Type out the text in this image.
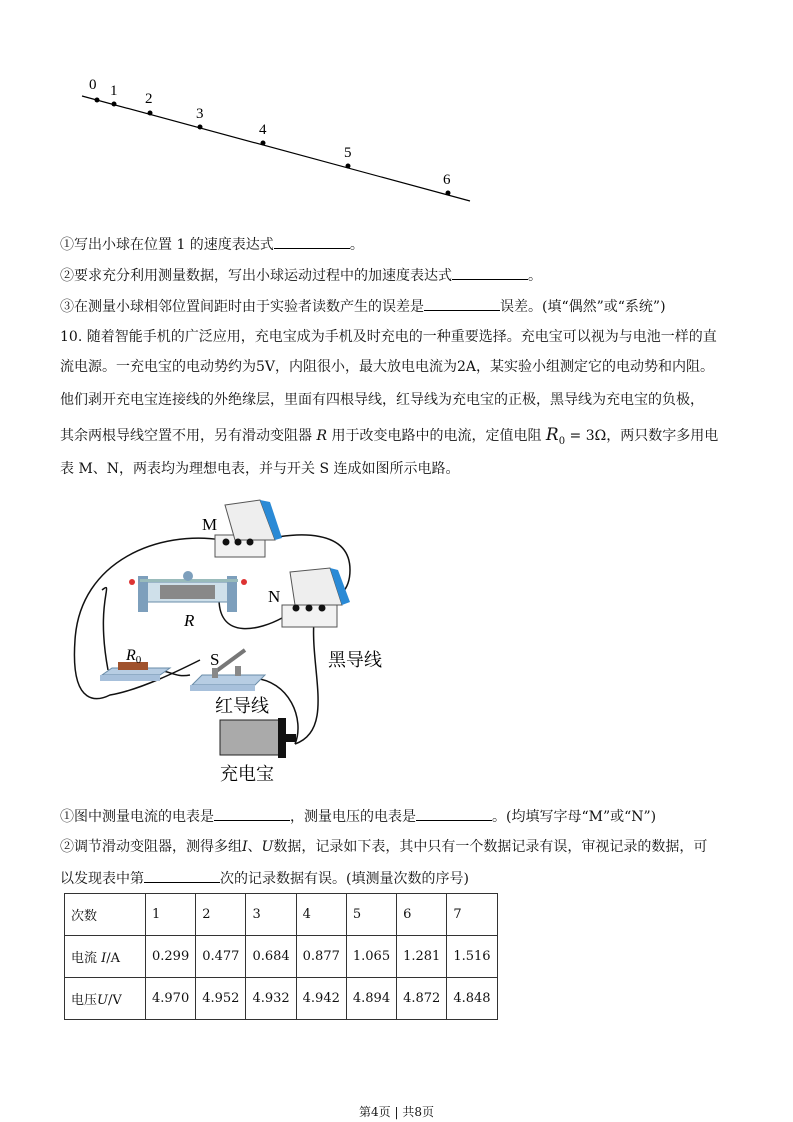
0 1 2
3
4
5
6
①写出小球在位置 1 的速度表达式	。
②要求充分利用测量数据，写出小球运动过程中的加速度表达式	。
③在测量小球相邻位置间距时由于实验者读数产生的误差是	误差。(填“偶然”或“系统”)
10. 随着智能手机的广泛应用，充电宝成为手机及时充电的一种重要选择。充电宝可以视为与电池一样的直
流电源。一充电宝的电动势约为5V，内阻很小，最大放电电流为2A，某实验小组测定它的电动势和内阻。
他们剥开充电宝连接线的外绝缘层，里面有四根导线，红导线为充电宝的正极，黑导线为充电宝的负极，
其余两根导线空置不用，另有滑动变阻器 R 用于改变电路中的电流，定值电阻 $R_0 = 3\Omega$，两只数字多用电
表 M、N，两表均为理想电表，并与开关 S 连成如图所示电路。
M
N
R
R0	S	黑导线
红导线
充电宝
①图中测量电流的电表是	，测量电压的电表是	。(均填写字母“M”或“N”)
②调节滑动变阻器，测得多组I、U数据，记录如下表，其中只有一个数据记录有误，审视记录的数据，可
以发现表中第	次的记录数据有误。(填测量次数的序号)
次数	1	2	3	4	5	6	7
电流 I/A	0.299	0.477	0.684	0.877	1.065	1.281	1.516
电压U/V	4.970	4.952	4.932	4.942	4.894	4.872	4.848
第4页 | 共8页
